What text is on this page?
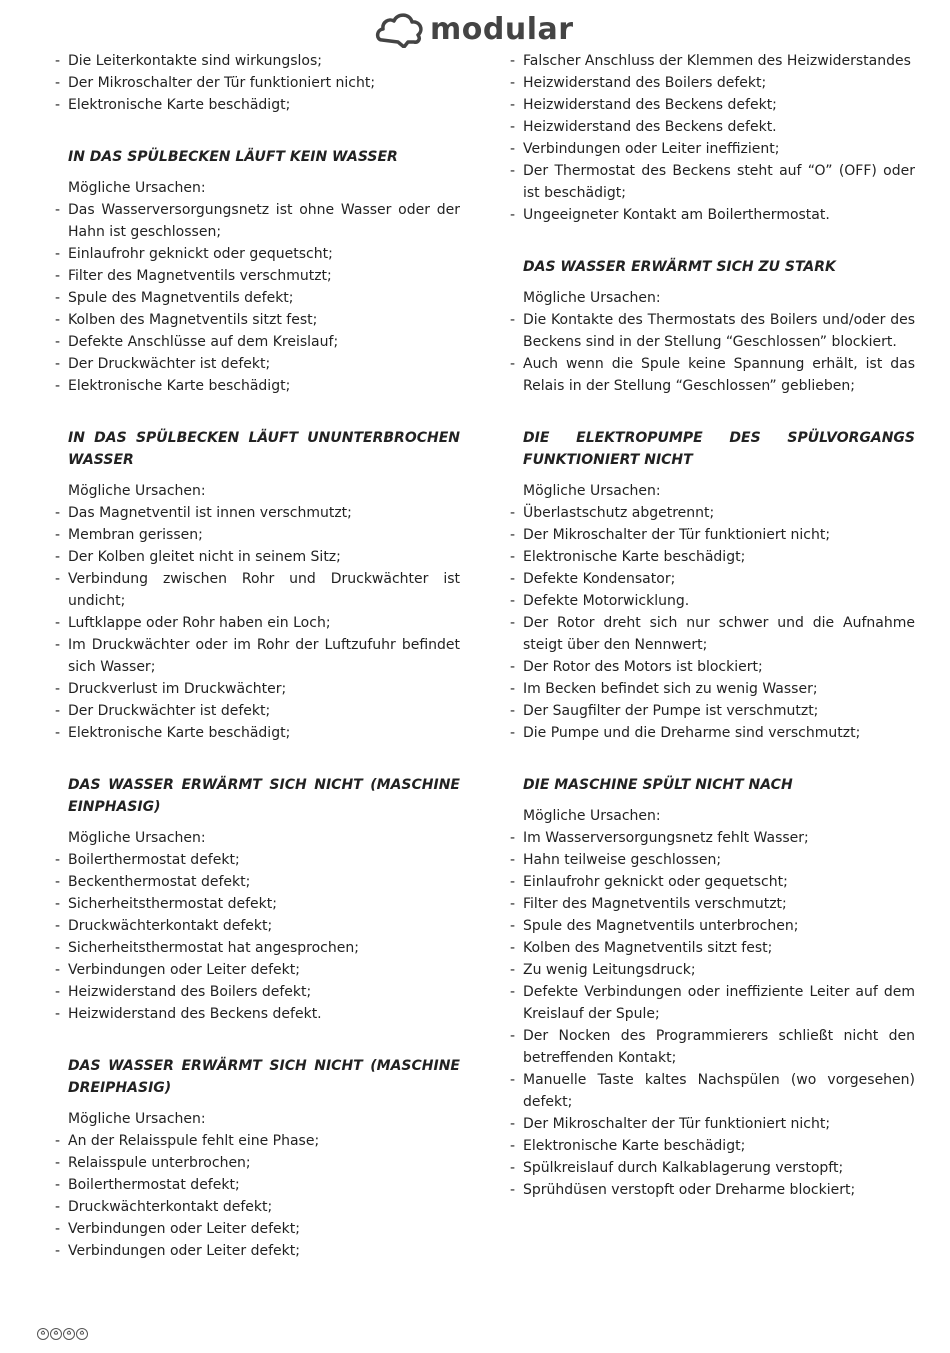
modular
- Die Leiterkontakte sind wirkungslos;
- Der Mikroschalter der Tür funktioniert nicht;
- Elektronische Karte beschädigt;
IN DAS SPÜLBECKEN LÄUFT KEIN WASSER
Mögliche Ursachen:
- Das Wasserversorgungsnetz ist ohne Wasser oder der Hahn ist geschlossen;
- Einlaufrohr geknickt oder gequetscht;
- Filter des Magnetventils verschmutzt;
- Spule des Magnetventils defekt;
- Kolben des Magnetventils sitzt fest;
- Defekte Anschlüsse auf dem Kreislauf;
- Der Druckwächter ist defekt;
- Elektronische Karte beschädigt;
IN DAS SPÜLBECKEN LÄUFT UNUNTERBROCHEN WASSER
Mögliche Ursachen:
- Das Magnetventil ist innen verschmutzt;
- Membran gerissen;
- Der Kolben gleitet nicht in seinem Sitz;
- Verbindung zwischen Rohr und Druckwächter ist undicht;
- Luftklappe oder Rohr haben ein Loch;
- Im Druckwächter oder im Rohr der Luftzufuhr befindet sich Wasser;
- Druckverlust im Druckwächter;
- Der Druckwächter ist defekt;
- Elektronische Karte beschädigt;
DAS WASSER ERWÄRMT SICH NICHT (MASCHINE EINPHASIG)
Mögliche Ursachen:
- Boilerthermostat defekt;
- Beckenthermostat defekt;
- Sicherheitsthermostat defekt;
- Druckwächterkontakt defekt;
- Sicherheitsthermostat hat angesprochen;
- Verbindungen oder Leiter defekt;
- Heizwiderstand des Boilers defekt;
- Heizwiderstand des Beckens defekt.
DAS WASSER ERWÄRMT SICH NICHT (MASCHINE DREIPHASIG)
Mögliche Ursachen:
- An der Relaisspule fehlt eine Phase;
- Relaisspule unterbrochen;
- Boilerthermostat defekt;
- Druckwächterkontakt defekt;
- Verbindungen oder Leiter defekt;
- Verbindungen oder Leiter defekt;
- Falscher Anschluss der Klemmen des Heizwiderstandes
- Heizwiderstand des Boilers defekt;
- Heizwiderstand des Beckens defekt;
- Heizwiderstand des Beckens defekt.
- Verbindungen oder Leiter ineffizient;
- Der Thermostat des Beckens steht auf “O” (OFF) oder ist beschädigt;
- Ungeeigneter Kontakt am Boilerthermostat.
DAS WASSER ERWÄRMT SICH ZU STARK
Mögliche Ursachen:
- Die Kontakte des Thermostats des Boilers und/oder des Beckens sind in der Stellung “Geschlossen” blockiert.
- Auch wenn die Spule keine Spannung erhält, ist das Relais in der Stellung “Geschlossen” geblieben;
DIE ELEKTROPUMPE DES SPÜLVORGANGS FUNKTIONIERT NICHT
Mögliche Ursachen:
- Überlastschutz abgetrennt;
- Der Mikroschalter der Tür funktioniert nicht;
- Elektronische Karte beschädigt;
- Defekte Kondensator;
- Defekte Motorwicklung.
- Der Rotor dreht sich nur schwer und die Aufnahme steigt über den Nennwert;
- Der Rotor des Motors ist blockiert;
- Im Becken befindet sich zu wenig Wasser;
- Der Saugfilter der Pumpe ist verschmutzt;
- Die Pumpe und die Dreharme sind verschmutzt;
DIE MASCHINE SPÜLT NICHT NACH
Mögliche Ursachen:
- Im Wasserversorgungsnetz fehlt Wasser;
- Hahn teilweise geschlossen;
- Einlaufrohr geknickt oder gequetscht;
- Filter des Magnetventils verschmutzt;
- Spule des Magnetventils unterbrochen;
- Kolben des Magnetventils sitzt fest;
- Zu wenig Leitungsdruck;
- Defekte Verbindungen oder ineffiziente Leiter auf dem Kreislauf der Spule;
- Der Nocken des Programmierers schließt nicht den betreffenden Kontakt;
- Manuelle Taste kaltes Nachspülen (wo vorgesehen) defekt;
- Der Mikroschalter der Tür funktioniert nicht;
- Elektronische Karte beschädigt;
- Spülkreislauf durch Kalkablagerung verstopft;
- Sprühdüsen verstopft oder Dreharme blockiert;
♻	♻	♻	♻
